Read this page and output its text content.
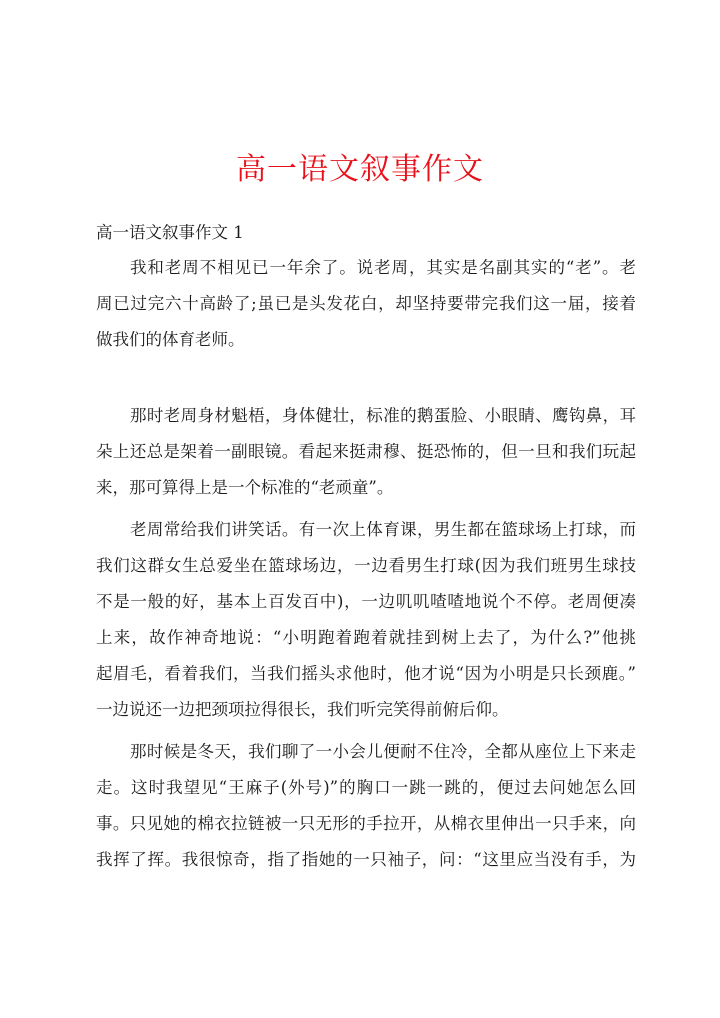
高一语文叙事作文
高一语文叙事作文 1
我和老周不相见已一年余了。说老周，其实是名副其实的“老”。老
周已过完六十高龄了;虽已是头发花白，却坚持要带完我们这一届，接着
做我们的体育老师。
那时老周身材魁梧，身体健壮，标准的鹅蛋脸、小眼睛、鹰钩鼻，耳
朵上还总是架着一副眼镜。看起来挺肃穆、挺恐怖的，但一旦和我们玩起
来，那可算得上是一个标准的“老顽童”。
老周常给我们讲笑话。有一次上体育课，男生都在篮球场上打球，而
我们这群女生总爱坐在篮球场边，一边看男生打球(因为我们班男生球技
不是一般的好，基本上百发百中)，一边叽叽喳喳地说个不停。老周便凑
上来，故作神奇地说：“小明跑着跑着就挂到树上去了，为什么?”他挑
起眉毛，看着我们，当我们摇头求他时，他才说“因为小明是只长颈鹿。”
一边说还一边把颈项拉得很长，我们听完笑得前俯后仰。
那时候是冬天，我们聊了一小会儿便耐不住冷，全都从座位上下来走
走。这时我望见“王麻子(外号)”的胸口一跳一跳的，便过去问她怎么回
事。只见她的棉衣拉链被一只无形的手拉开，从棉衣里伸出一只手来，向
我挥了挥。我很惊奇，指了指她的一只袖子，问：“这里应当没有手，为
